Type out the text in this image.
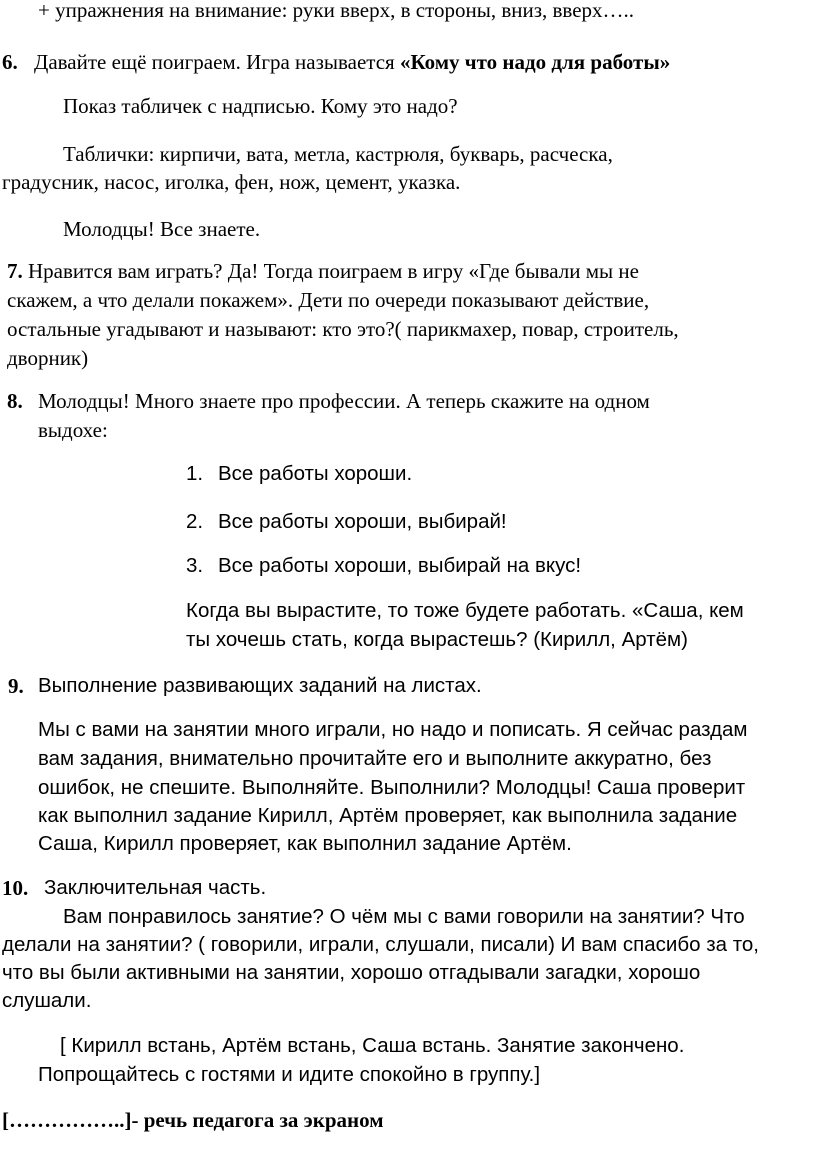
+ упражнения на внимание: руки вверх, в стороны, вниз, вверх…..
6. Давайте ещё поиграем. Игра называется «Кому что надо для работы»
Показ табличек с надписью. Кому это надо?
Таблички: кирпичи, вата, метла, кастрюля, букварь, расческа,
градусник, насос, иголка, фен, нож, цемент, указка.
Молодцы! Все знаете.
7. Нравится вам играть? Да! Тогда поиграем в игру «Где бывали мы не
скажем, а что делали покажем». Дети по очереди показывают действие,
остальные угадывают и называют: кто это?( парикмахер, повар, строитель,
дворник)
8. Молодцы! Много знаете про профессии. А теперь скажите на одном
выдохе:
1. Все работы хороши.
2. Все работы хороши, выбирай!
3. Все работы хороши, выбирай на вкус!
Когда вы вырастите, то тоже будете работать. «Саша, кем
ты хочешь стать, когда вырастешь? (Кирилл, Артём)
9. Выполнение развивающих заданий на листах.
Мы с вами на занятии много играли, но надо и пописать. Я сейчас раздам
вам задания, внимательно прочитайте его и выполните аккуратно, без
ошибок, не спешите. Выполняйте. Выполнили? Молодцы! Саша проверит
как выполнил задание Кирилл, Артём проверяет, как выполнила задание
Саша, Кирилл проверяет, как выполнил задание Артём.
10. Заключительная часть.
Вам понравилось занятие? О чём мы с вами говорили на занятии? Что
делали на занятии? ( говорили, играли, слушали, писали) И вам спасибо за то,
что вы были активными на занятии, хорошо отгадывали загадки, хорошо
слушали.
[ Кирилл встань, Артём встань, Саша встань. Занятие закончено.
Попрощайтесь с гостями и идите спокойно в группу.]
[……………..]- речь педагога за экраном
